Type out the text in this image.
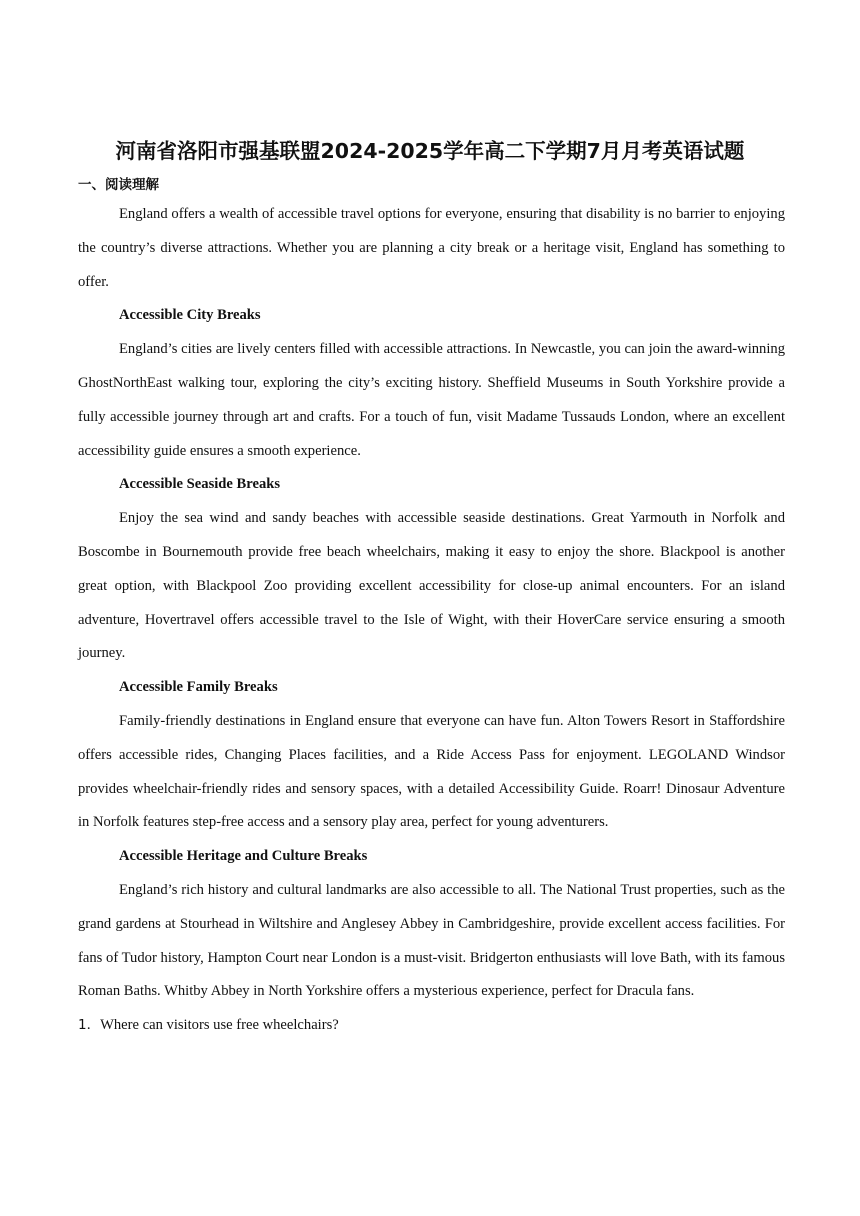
河南省洛阳市强基联盟2024-2025学年高二下学期7月月考英语试题
一、阅读理解

England offers a wealth of accessible travel options for everyone, ensuring that disability is no barrier to enjoying the country’s diverse attractions. Whether you are planning a city break or a heritage visit, England has something to offer.

Accessible City Breaks

England’s cities are lively centers filled with accessible attractions. In Newcastle, you can join the award-winning GhostNorthEast walking tour, exploring the city’s exciting history. Sheffield Museums in South Yorkshire provide a fully accessible journey through art and crafts. For a touch of fun, visit Madame Tussauds London, where an excellent accessibility guide ensures a smooth experience.

Accessible Seaside Breaks

Enjoy the sea wind and sandy beaches with accessible seaside destinations. Great Yarmouth in Norfolk and Boscombe in Bournemouth provide free beach wheelchairs, making it easy to enjoy the shore. Blackpool is another great option, with Blackpool Zoo providing excellent accessibility for close-up animal encounters. For an island adventure, Hovertravel offers accessible travel to the Isle of Wight, with their HoverCare service ensuring a smooth journey.

Accessible Family Breaks

Family-friendly destinations in England ensure that everyone can have fun. Alton Towers Resort in Staffordshire offers accessible rides, Changing Places facilities, and a Ride Access Pass for enjoyment. LEGOLAND Windsor provides wheelchair-friendly rides and sensory spaces, with a detailed Accessibility Guide. Roarr! Dinosaur Adventure in Norfolk features step-free access and a sensory play area, perfect for young adventurers.

Accessible Heritage and Culture Breaks

England’s rich history and cultural landmarks are also accessible to all. The National Trust properties, such as the grand gardens at Stourhead in Wiltshire and Anglesey Abbey in Cambridgeshire, provide excellent access facilities. For fans of Tudor history, Hampton Court near London is a must-visit. Bridgerton enthusiasts will love Bath, with its famous Roman Baths. Whitby Abbey in North Yorkshire offers a mysterious experience, perfect for Dracula fans.

1．Where can visitors use free wheelchairs?
